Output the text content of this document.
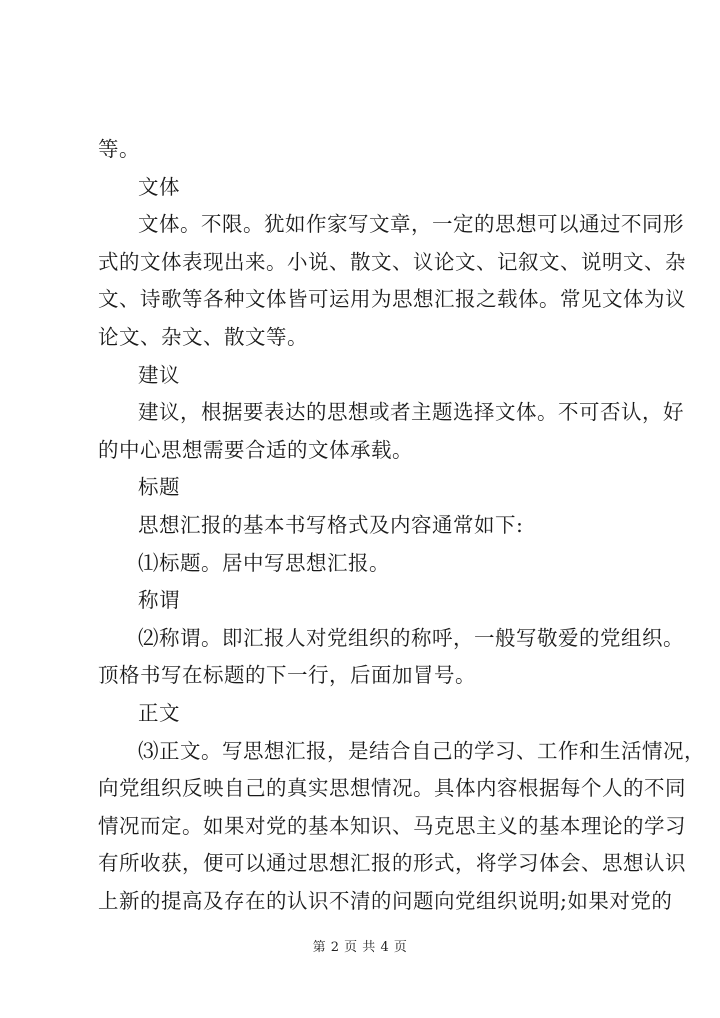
等。
文体
文体。不限。犹如作家写文章，一定的思想可以通过不同形
式的文体表现出来。小说、散文、议论文、记叙文、说明文、杂
文、诗歌等各种文体皆可运用为思想汇报之载体。常见文体为议
论文、杂文、散文等。
建议
建议，根据要表达的思想或者主题选择文体。不可否认，好
的中心思想需要合适的文体承载。
标题
思想汇报的基本书写格式及内容通常如下:
⑴标题。居中写思想汇报。
称谓
⑵称谓。即汇报人对党组织的称呼，一般写敬爱的党组织。
顶格书写在标题的下一行，后面加冒号。
正文
⑶正文。写思想汇报，是结合自己的学习、工作和生活情况，
向党组织反映自己的真实思想情况。具体内容根据每个人的不同
情况而定。如果对党的基本知识、马克思主义的基本理论的学习
有所收获，便可以通过思想汇报的形式，将学习体会、思想认识
上新的提高及存在的认识不清的问题向党组织说明;如果对党的
第 2 页 共 4 页
